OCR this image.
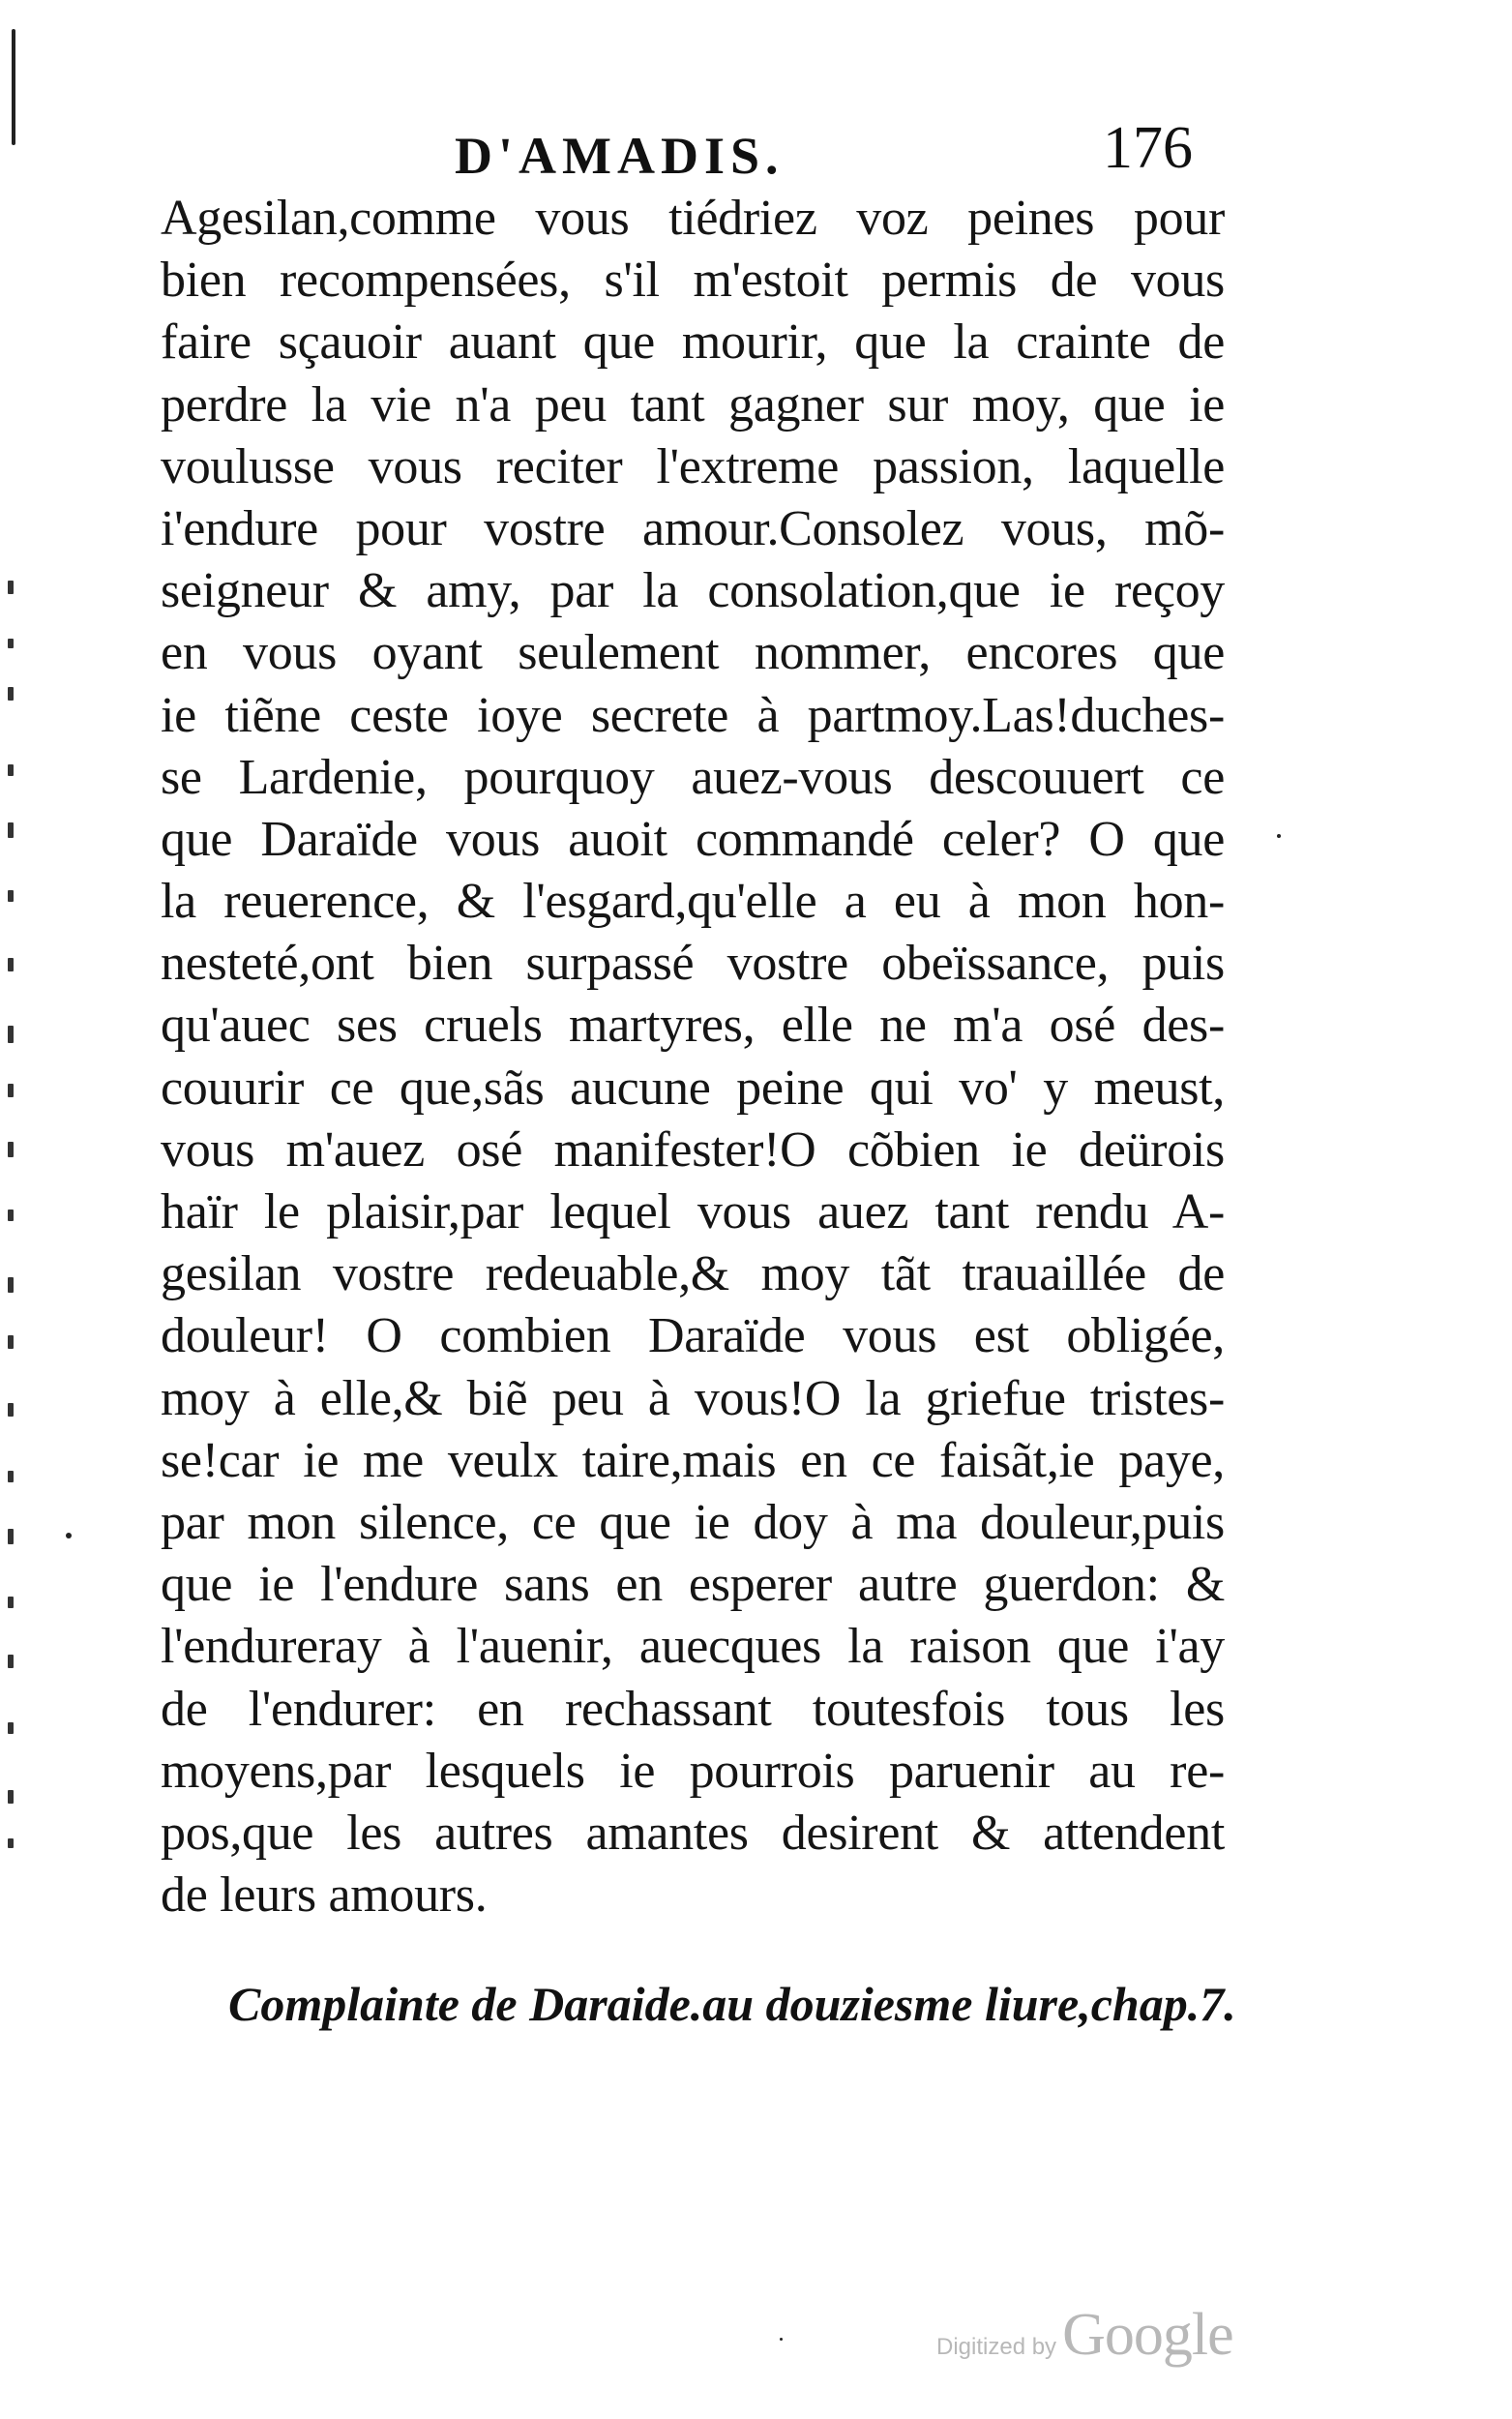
D'AMADIS.	176
Agesilan,comme vous tiédriez voz peines pour
bien recompensées, s'il m'estoit permis de vous
faire sçauoir auant que mourir, que la crainte de
perdre la vie n'a peu tant gagner sur moy, que ie
voulusse vous reciter l'extreme passion, laquelle
i'endure pour vostre amour.Consolez vous, mõ-
seigneur & amy, par la consolation,que ie reçoy
en vous oyant seulement nommer, encores que
ie tiẽne ceste ioye secrete à partmoy.Las!duches-
se Lardenie, pourquoy auez-vous descouuert ce
que Daraïde vous auoit commandé celer? O que
la reuerence, & l'esgard,qu'elle a eu à mon hon-
nesteté,ont bien surpassé vostre obeïssance, puis
qu'auec ses cruels martyres, elle ne m'a osé des-
couurir ce que,sãs aucune peine qui vo' y meust,
vous m'auez osé manifester!O cõbien ie deürois
haïr le plaisir,par lequel vous auez tant rendu A-
gesilan vostre redeuable,& moy tãt trauaillée de
douleur! O combien Daraïde vous est obligée,
moy à elle,& biẽ peu à vous!O la griefue tristes-
se!car ie me veulx taire,mais en ce faisãt,ie paye,
par mon silence, ce que ie doy à ma douleur,puis
que ie l'endure sans en esperer autre guerdon: &
l'endureray à l'auenir, auecques la raison que i'ay
de l'endurer: en rechassant toutesfois tous les
moyens,par lesquels ie pourrois paruenir au re-
pos,que les autres amantes desirent & attendent
de leurs amours.
Complainte de Daraide.au douziesme liure,chap.7.
Digitized by Google
